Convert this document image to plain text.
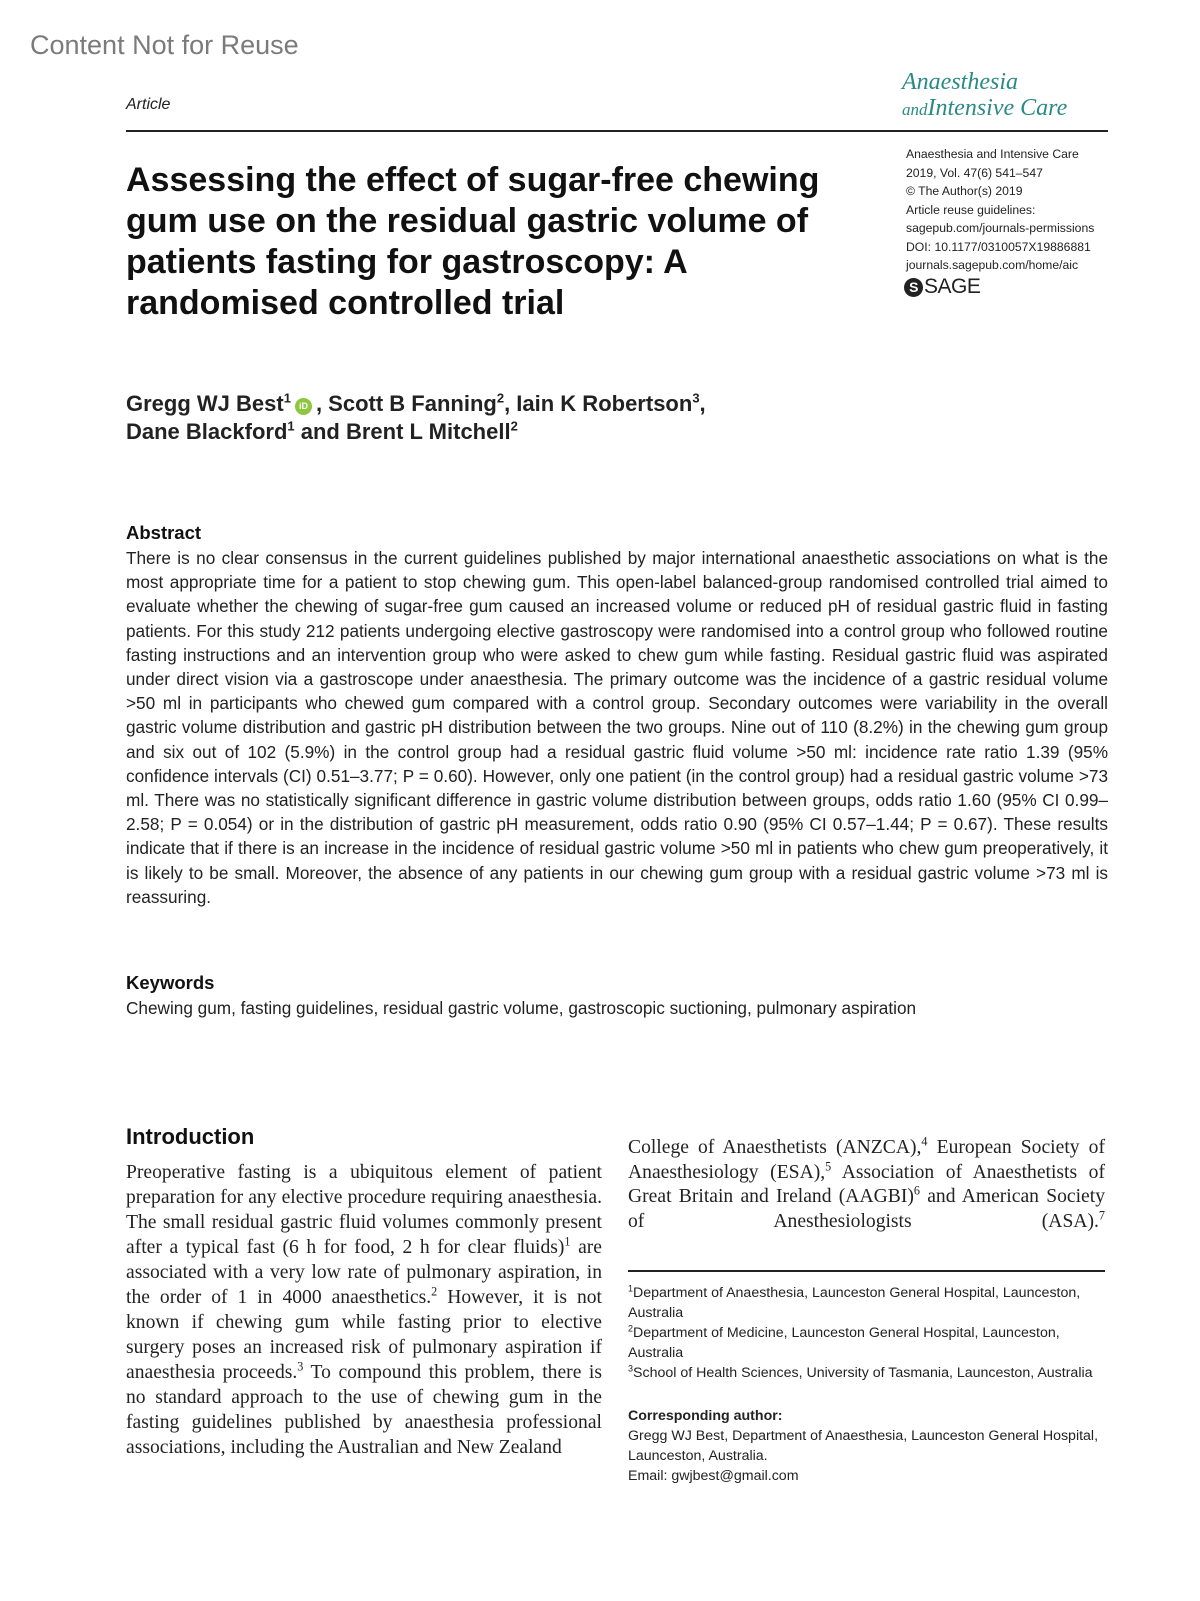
Content Not for Reuse
Article
Anaesthesia
andIntensive Care
Anaesthesia and Intensive Care
2019, Vol. 47(6) 541–547
© The Author(s) 2019
Article reuse guidelines:
sagepub.com/journals-permissions
DOI: 10.1177/0310057X19886881
journals.sagepub.com/home/aic
S SAGE
Assessing the effect of sugar-free chewing gum use on the residual gastric volume of patients fasting for gastroscopy: A randomised controlled trial
Gregg WJ Best$^1$iD , Scott B Fanning$^2$, Iain K Robertson$^3$,
Dane Blackford$^1$ and Brent L Mitchell$^2$
Abstract
There is no clear consensus in the current guidelines published by major international anaesthetic associations on what is the most appropriate time for a patient to stop chewing gum. This open-label balanced-group randomised controlled trial aimed to evaluate whether the chewing of sugar-free gum caused an increased volume or reduced pH of residual gastric fluid in fasting patients. For this study 212 patients undergoing elective gastroscopy were randomised into a control group who followed routine fasting instructions and an intervention group who were asked to chew gum while fasting. Residual gastric fluid was aspirated under direct vision via a gastroscope under anaesthesia. The primary outcome was the incidence of a gastric residual volume >50 ml in participants who chewed gum compared with a control group. Secondary outcomes were variability in the overall gastric volume distribution and gastric pH distribution between the two groups. Nine out of 110 (8.2%) in the chewing gum group and six out of 102 (5.9%) in the control group had a residual gastric fluid volume >50 ml: incidence rate ratio 1.39 (95% confidence intervals (CI) 0.51–3.77; P = 0.60). However, only one patient (in the control group) had a residual gastric volume >73 ml. There was no statistically significant difference in gastric volume distribution between groups, odds ratio 1.60 (95% CI 0.99–2.58; P = 0.054) or in the distribution of gastric pH measurement, odds ratio 0.90 (95% CI 0.57–1.44; P = 0.67). These results indicate that if there is an increase in the incidence of residual gastric volume >50 ml in patients who chew gum preoperatively, it is likely to be small. Moreover, the absence of any patients in our chewing gum group with a residual gastric volume >73 ml is reassuring.
Keywords
Chewing gum, fasting guidelines, residual gastric volume, gastroscopic suctioning, pulmonary aspiration
Introduction
Preoperative fasting is a ubiquitous element of patient preparation for any elective procedure requiring anaesthesia. The small residual gastric fluid volumes commonly present after a typical fast (6 h for food, 2 h for clear fluids)$^1$ are associated with a very low rate of pulmonary aspiration, in the order of 1 in 4000 anaesthetics.$^2$ However, it is not known if chewing gum while fasting prior to elective surgery poses an increased risk of pulmonary aspiration if anaesthesia proceeds.$^3$ To compound this problem, there is no standard approach to the use of chewing gum in the fasting guidelines published by anaesthesia professional associations, including the Australian and New Zealand
College of Anaesthetists (ANZCA),$^4$ European Society of Anaesthesiology (ESA),$^5$ Association of Anaesthetists of Great Britain and Ireland (AAGBI)$^6$ and American Society of Anesthesiologists (ASA).$^7$
$^1$Department of Anaesthesia, Launceston General Hospital, Launceston, Australia
$^2$Department of Medicine, Launceston General Hospital, Launceston, Australia
$^3$School of Health Sciences, University of Tasmania, Launceston, Australia
Corresponding author:
Gregg WJ Best, Department of Anaesthesia, Launceston General Hospital, Launceston, Australia.
Email: gwjbest@gmail.com
